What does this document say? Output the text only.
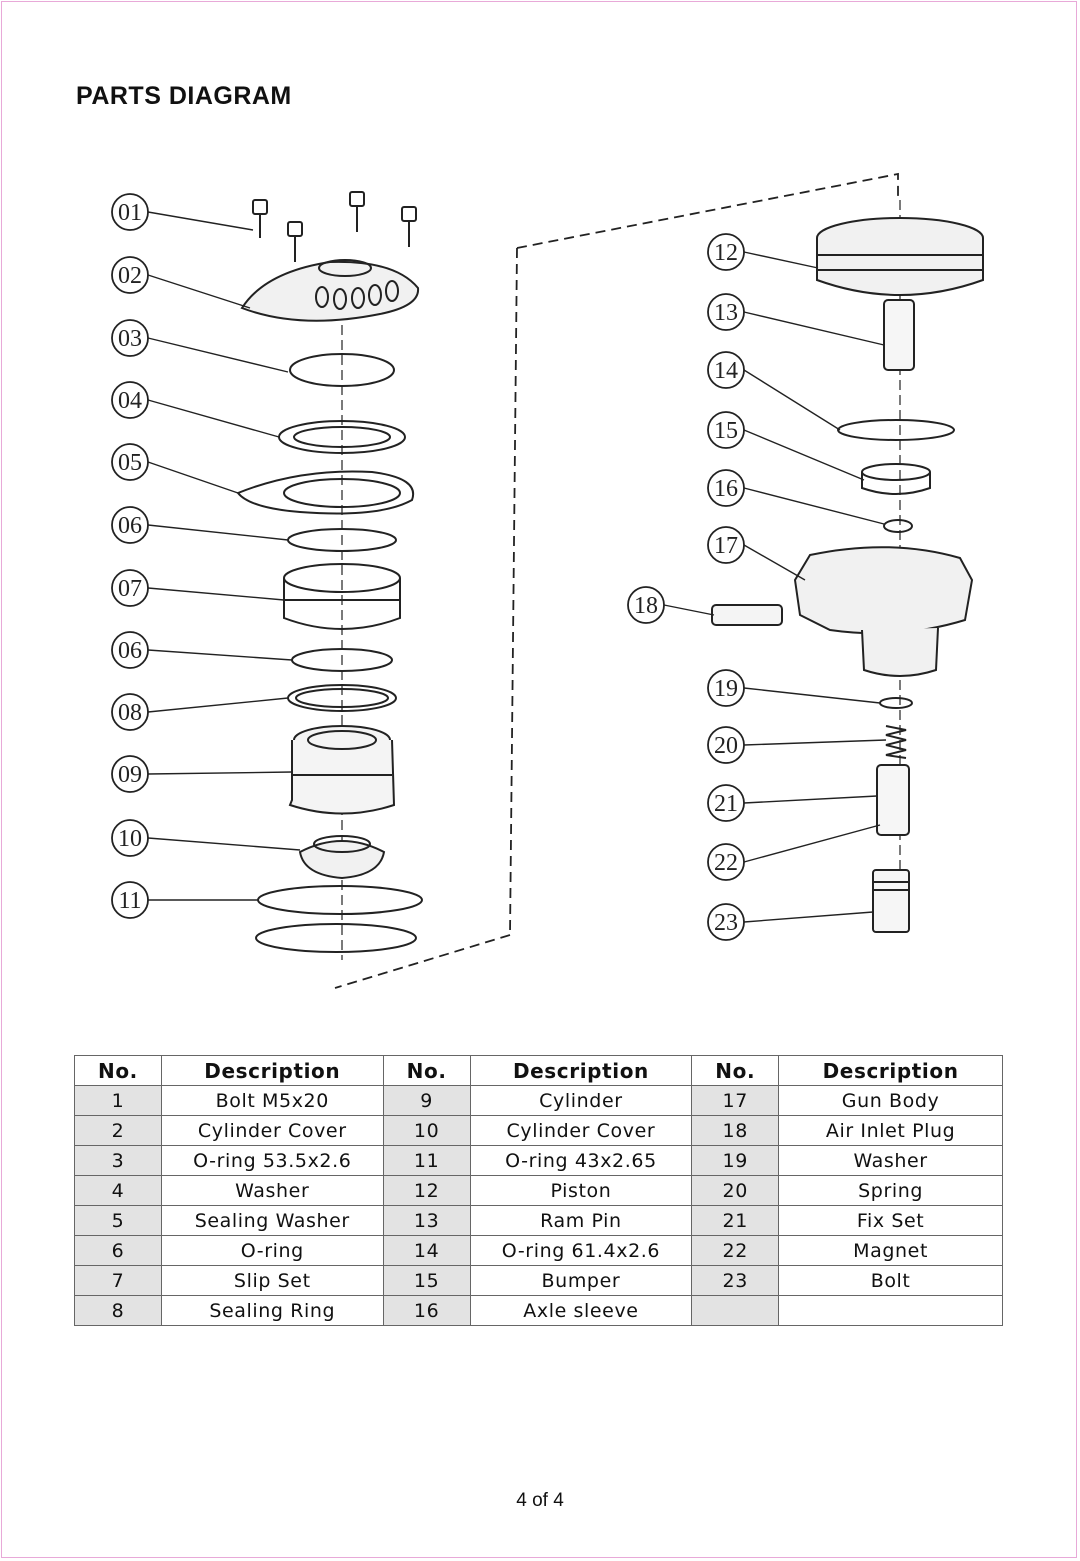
PARTS DIAGRAM
01
02
03
04
05
06
07
06
08
09
10
11
12
13
14
15
16
17
18
19
20
21
22
23
No.	Description	No.	Description	No.	Description
1	Bolt M5x20	9	Cylinder	17	Gun Body
2	Cylinder Cover	10	Cylinder Cover	18	Air Inlet Plug
3	O-ring 53.5x2.6	11	O-ring 43x2.65	19	Washer
4	Washer	12	Piston	20	Spring
5	Sealing Washer	13	Ram Pin	21	Fix Set
6	O-ring	14	O-ring 61.4x2.6	22	Magnet
7	Slip Set	15	Bumper	23	Bolt
8	Sealing Ring	16	Axle sleeve		
4 of 4
